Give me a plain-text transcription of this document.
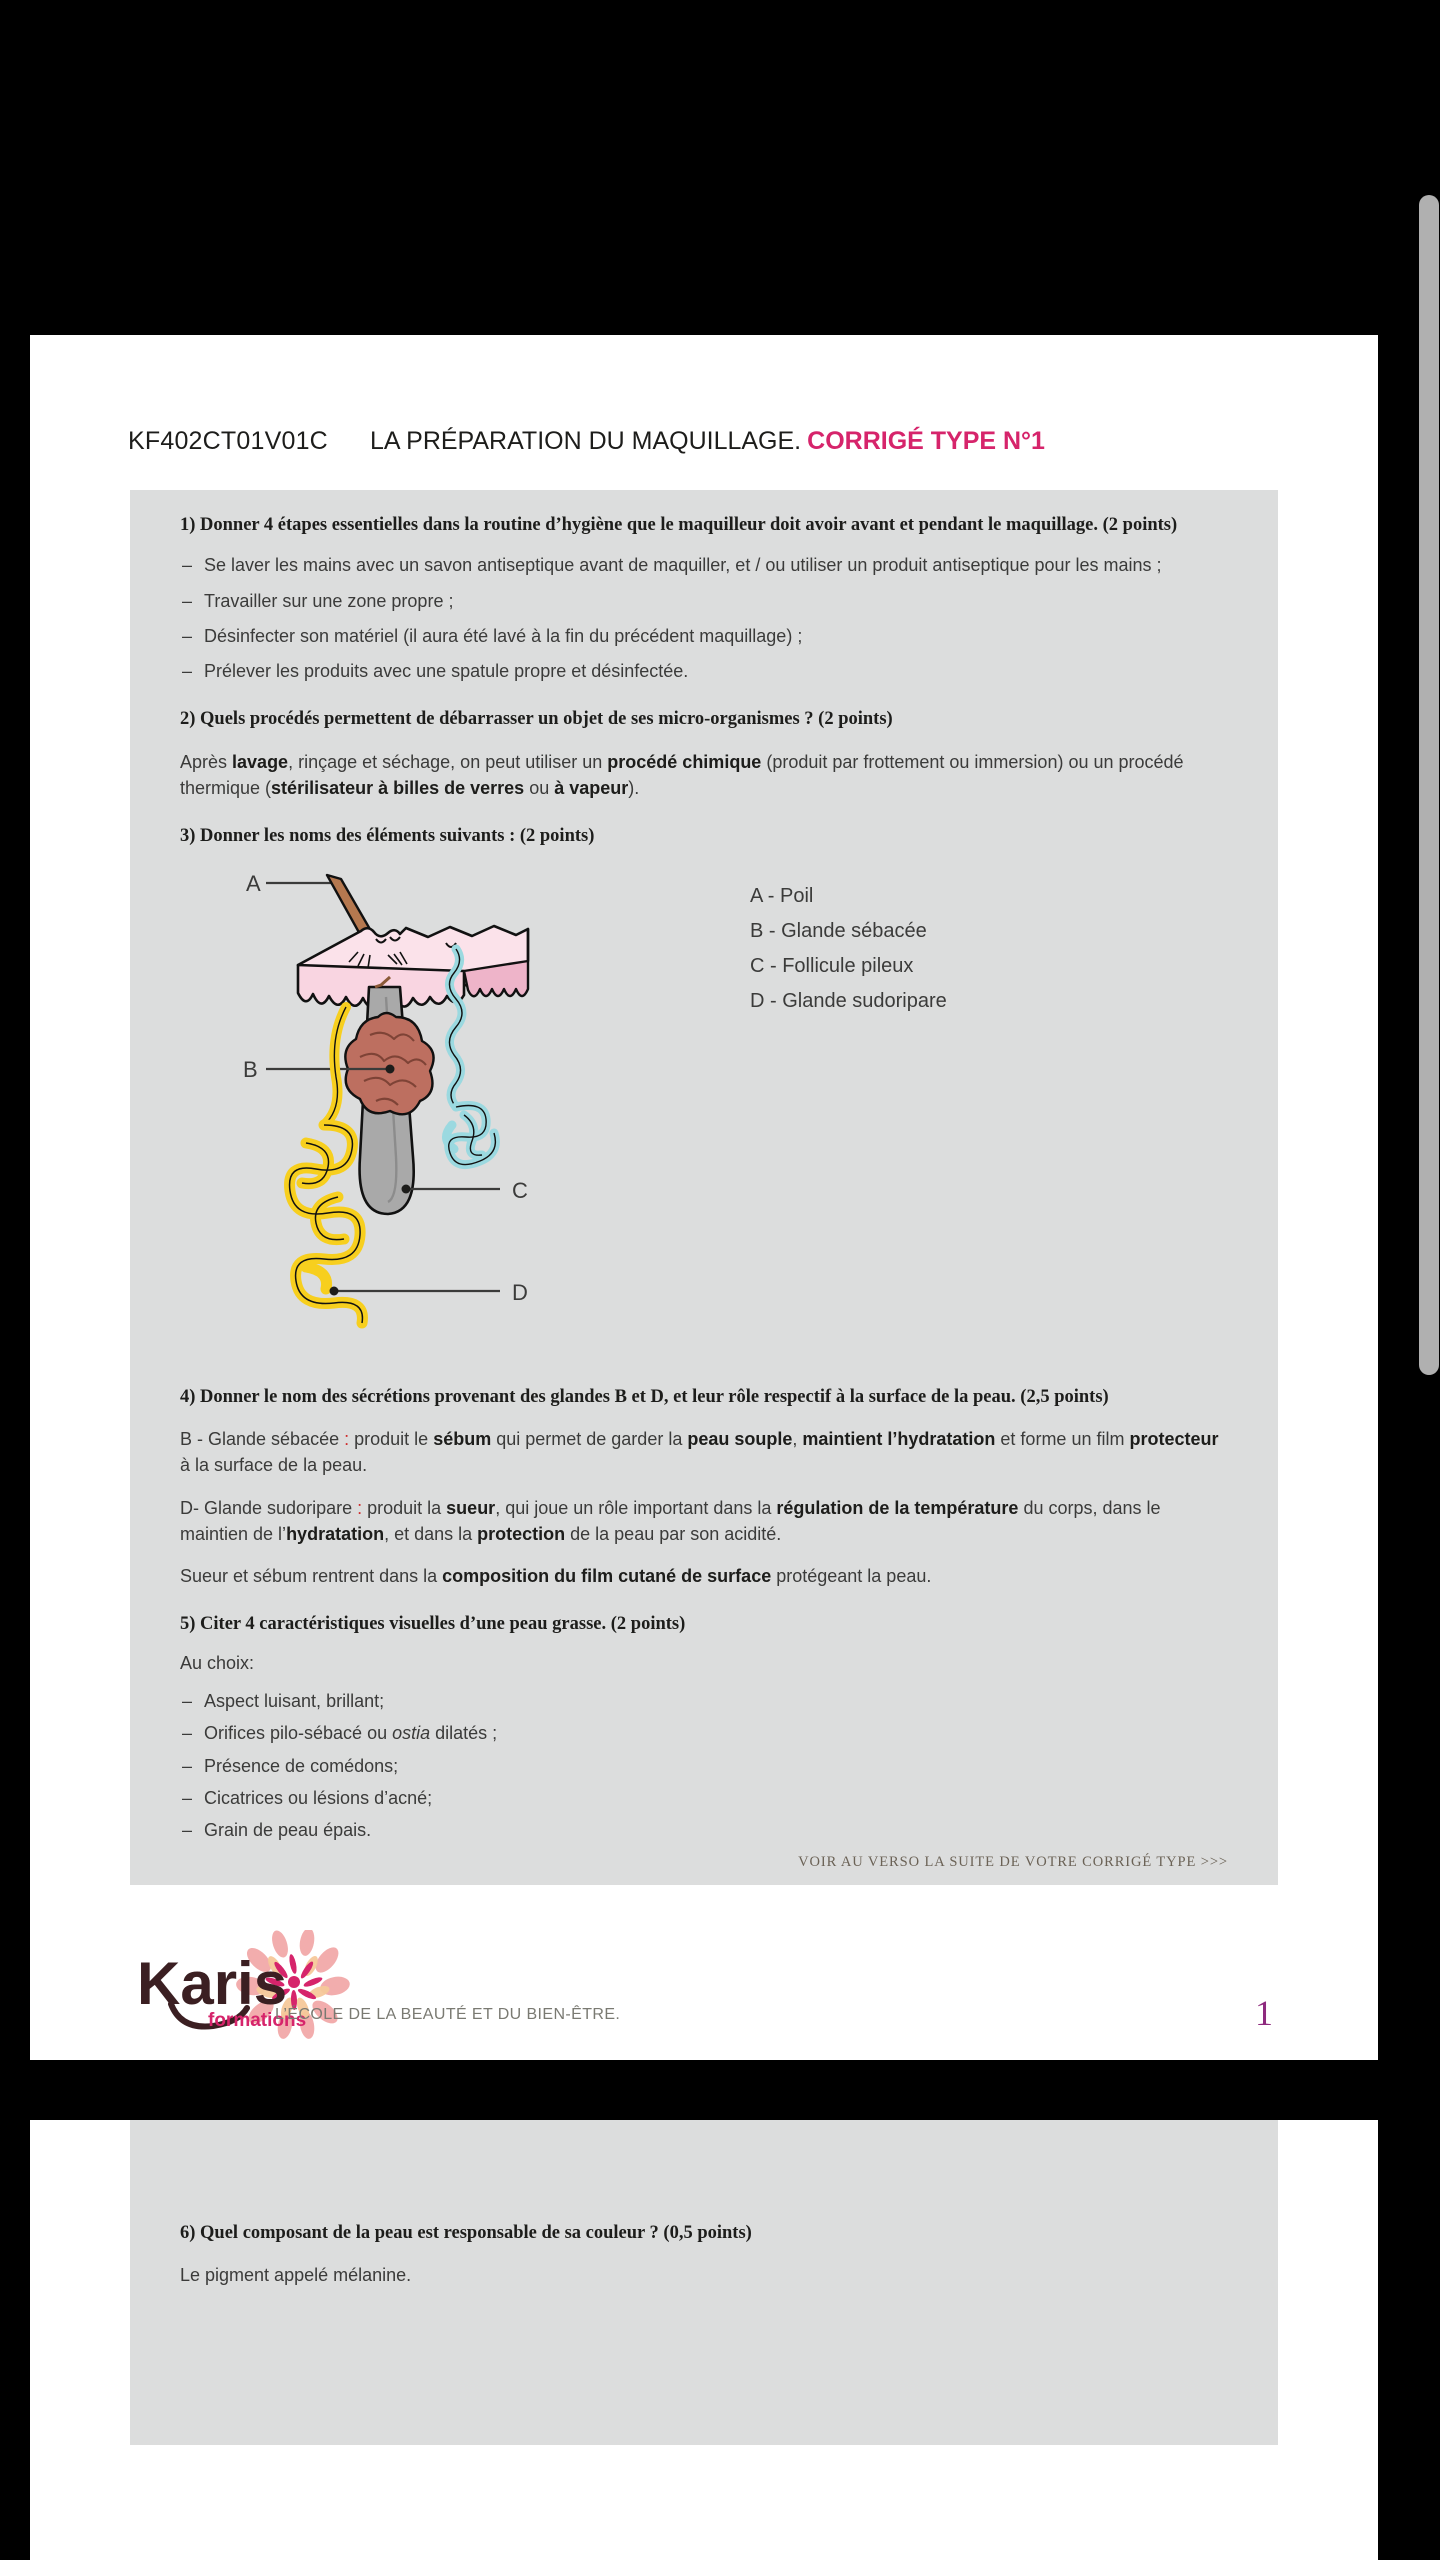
KF402CT01V01C LA PRÉPARATION DU MAQUILLAGE. CORRIGÉ TYPE N°1
1) Donner 4 étapes essentielles dans la routine d’hygiène que le maquilleur doit avoir avant et pendant le maquillage. (2 points)
– Se laver les mains avec un savon antiseptique avant de maquiller, et / ou utiliser un produit antiseptique pour les mains ;
– Travailler sur une zone propre ;
– Désinfecter son matériel (il aura été lavé à la fin du précédent maquillage) ;
– Prélever les produits avec une spatule propre et désinfectée.
2) Quels procédés permettent de débarrasser un objet de ses micro-organismes ? (2 points)
Après lavage, rinçage et séchage, on peut utiliser un procédé chimique (produit par frottement ou immersion) ou un procédé thermique (stérilisateur à billes de verres ou à vapeur).
3) Donner les noms des éléments suivants : (2 points)
A
B
C
D
A - Poil
B - Glande sébacée
C - Follicule pileux
D - Glande sudoripare
4) Donner le nom des sécrétions provenant des glandes B et D, et leur rôle respectif à la surface de la peau. (2,5 points)
B - Glande sébacée : produit le sébum qui permet de garder la peau souple, maintient l’hydratation et forme un film protecteur à la surface de la peau.
D- Glande sudoripare : produit la sueur, qui joue un rôle important dans la régulation de la température du corps, dans le maintien de l’hydratation, et dans la protection de la peau par son acidité.
Sueur et sébum rentrent dans la composition du film cutané de surface protégeant la peau.
5) Citer 4 caractéristiques visuelles d’une peau grasse. (2 points)
Au choix:
– Aspect luisant, brillant;
– Orifices pilo-sébacé ou ostia dilatés ;
– Présence de comédons;
– Cicatrices ou lésions d’acné;
– Grain de peau épais.
VOIR AU VERSO LA SUITE DE VOTRE CORRIGÉ TYPE >>>
Karis
formations
L’ÉCOLE DE LA BEAUTÉ ET DU BIEN-ÊTRE.	1
6) Quel composant de la peau est responsable de sa couleur ? (0,5 points)
Le pigment appelé mélanine.
